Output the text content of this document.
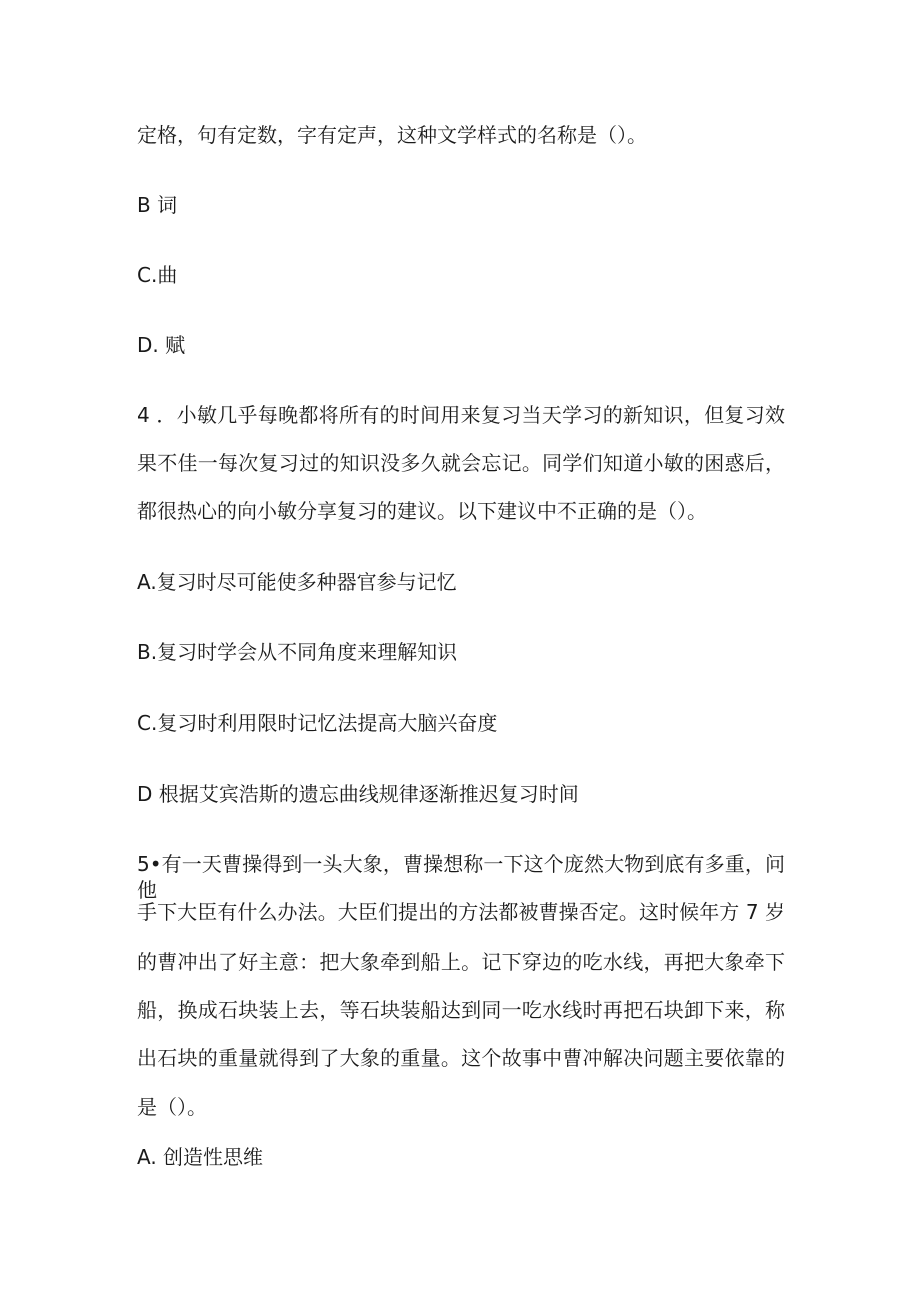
定格，句有定数，字有定声，这种文学样式的名称是（）。
B 词
C.曲
D. 赋
4 ．小敏几乎每晚都将所有的时间用来复习当天学习的新知识，但复习效
果不佳一每次复习过的知识没多久就会忘记。同学们知道小敏的困惑后，
都很热心的向小敏分享复习的建议。以下建议中不正确的是（）。
A.复习时尽可能使多种器官参与记忆
B.复习时学会从不同角度来理解知识
C.复习时利用限时记忆法提高大脑兴奋度
D 根据艾宾浩斯的遗忘曲线规律逐渐推迟复习时间
5•有一天曹操得到一头大象，曹操想称一下这个庞然大物到底有多重，问他
手下大臣有什么办法。大臣们提出的方法都被曹操否定。这时候年方 7 岁
的曹冲出了好主意：把大象牵到船上。记下穿边的吃水线，再把大象牵下
船，换成石块装上去，等石块装船达到同一吃水线时再把石块卸下来，称
出石块的重量就得到了大象的重量。这个故事中曹冲解决问题主要依靠的
是（）。
A. 创造性思维
